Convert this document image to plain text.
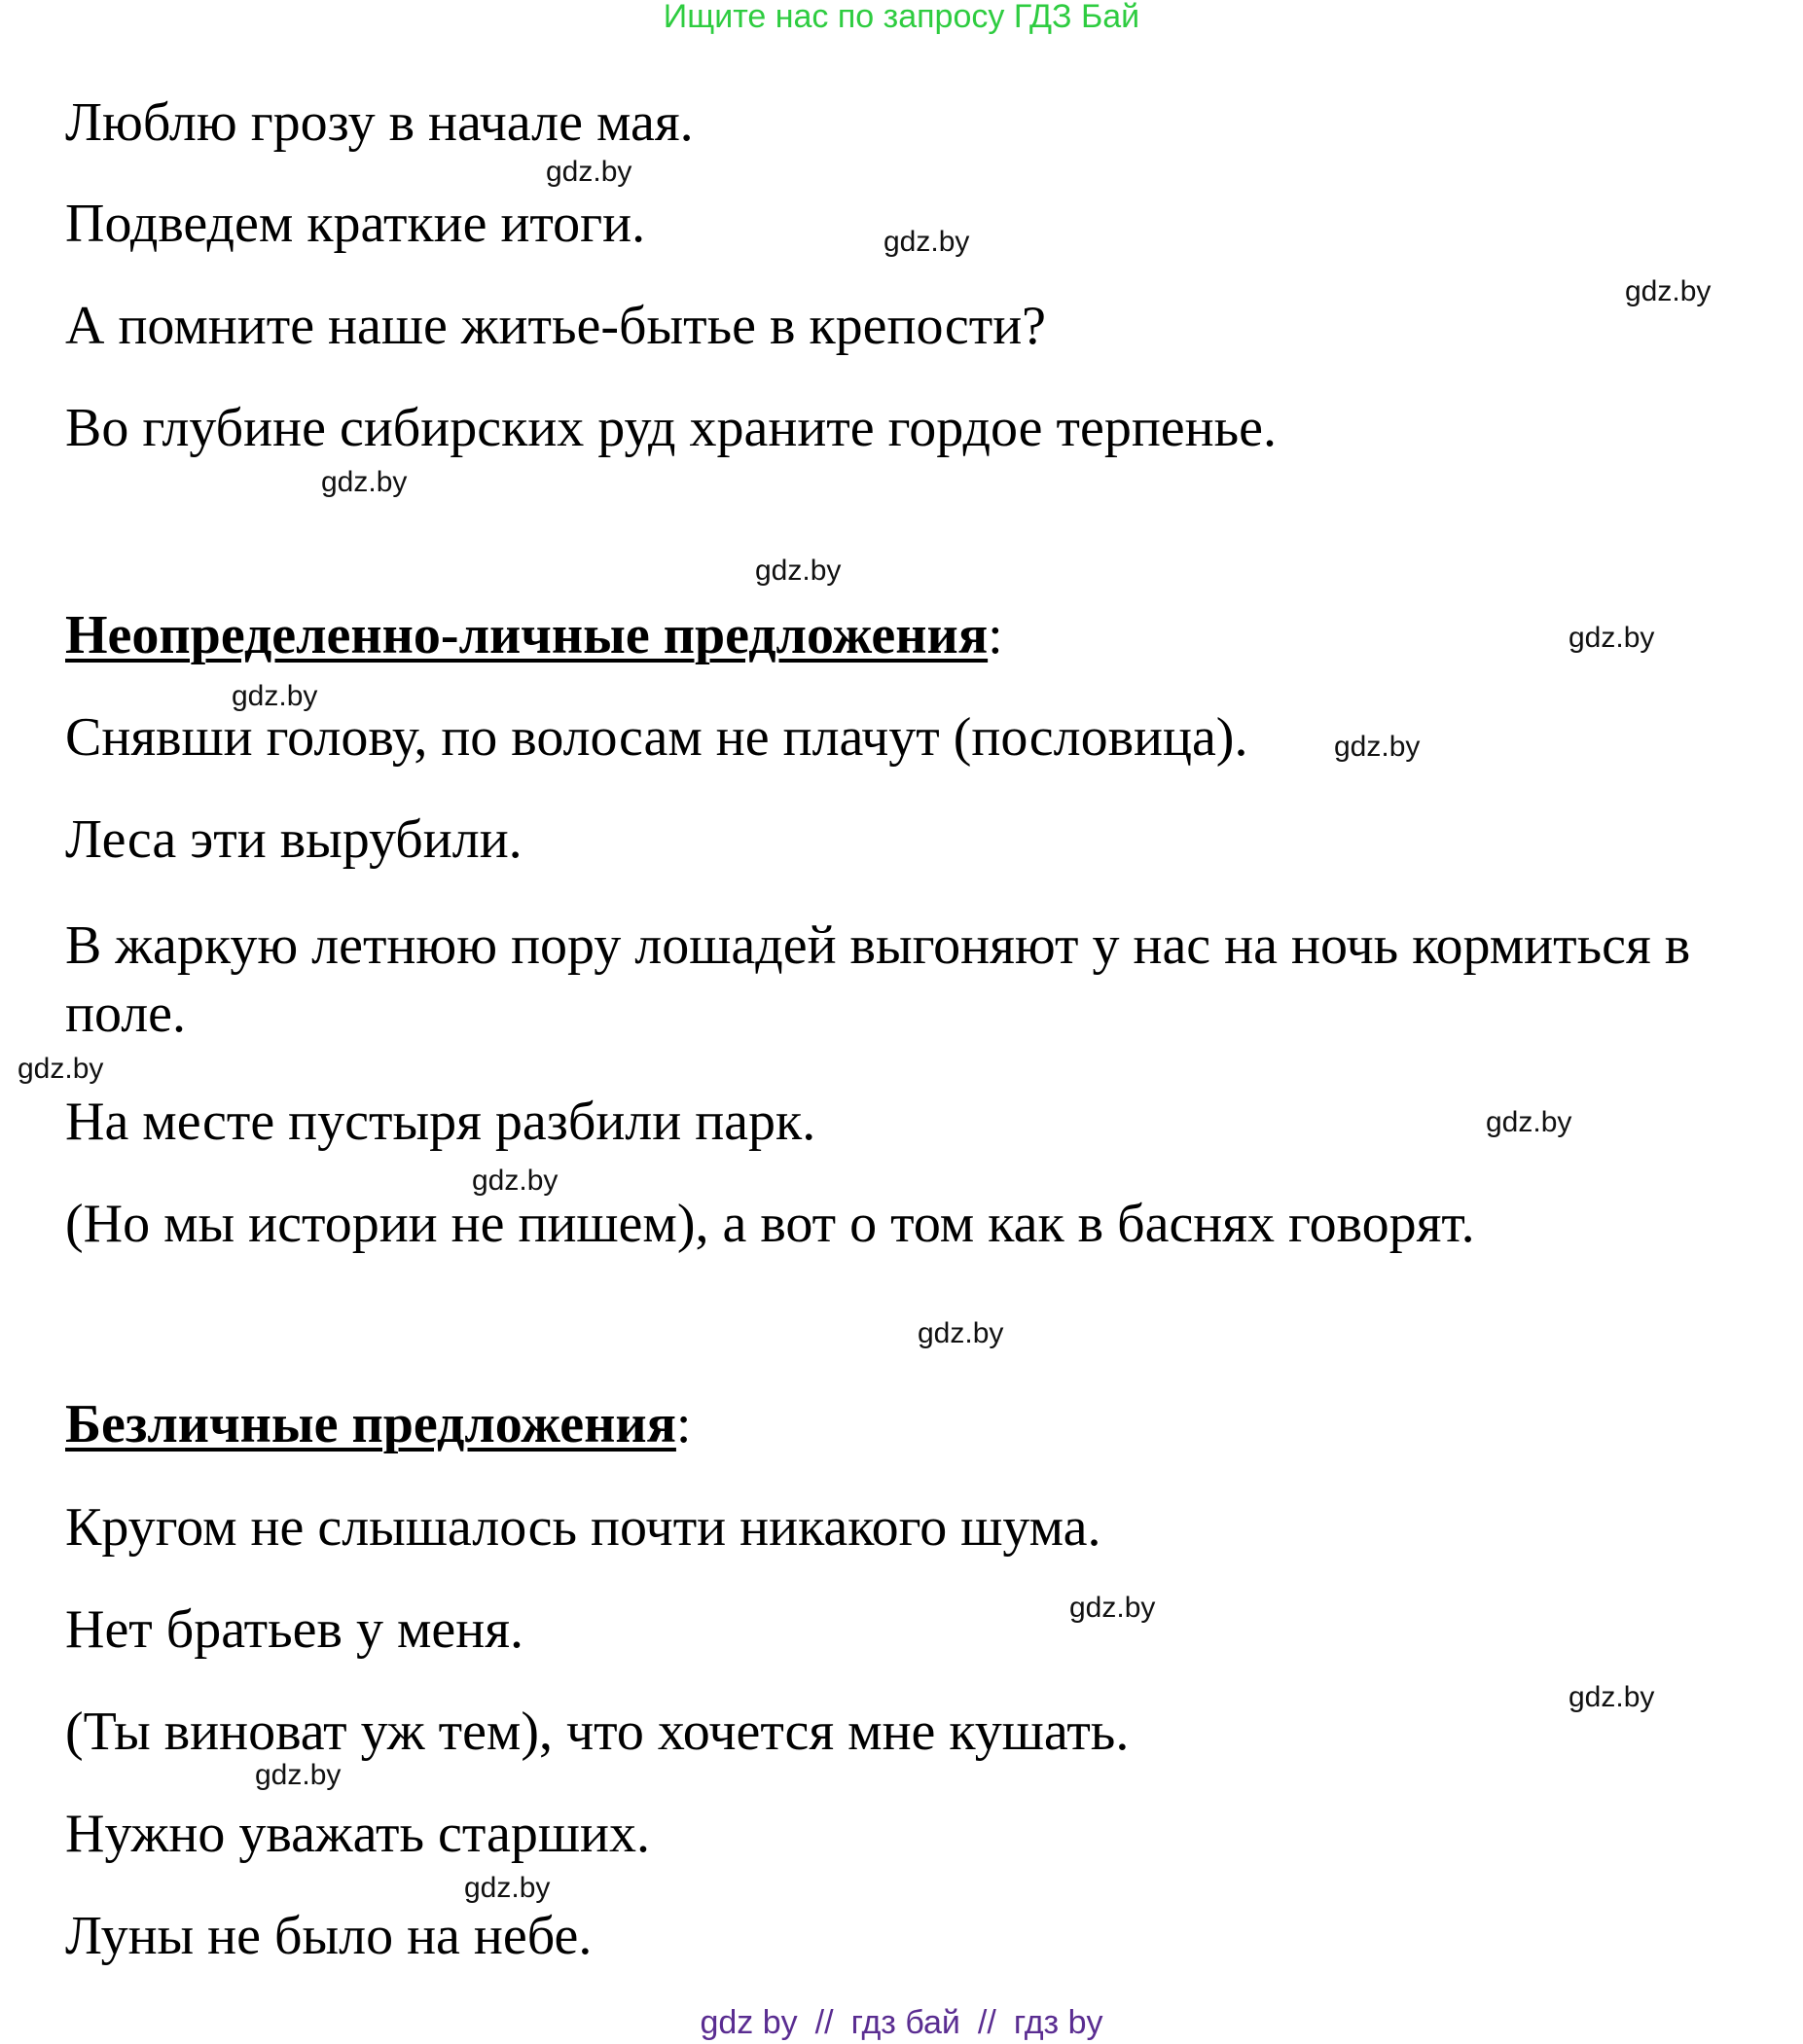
Ищите нас по запросу ГДЗ Бай
Люблю грозу в начале мая.
Подведем краткие итоги.
А помните наше житье-бытье в крепости?
Во глубине сибирских руд храните гордое терпенье.
Неопределенно-личные предложения:
Снявши голову, по волосам не плачут (пословица).
Леса эти вырубили.
В жаркую летнюю пору лошадей выгоняют у нас на ночь кормиться в поле.
На месте пустыря разбили парк.
(Но мы истории не пишем), а вот о том как в баснях говорят.
Безличные предложения:
Кругом не слышалось почти никакого шума.
Нет братьев у меня.
(Ты виноват уж тем), что хочется мне кушать.
Нужно уважать старших.
Луны не было на небе.
gdz.by
gdz.by
gdz.by
gdz.by
gdz.by
gdz.by
gdz.by
gdz.by
gdz.by
gdz.by
gdz.by
gdz.by
gdz.by
gdz.by
gdz.by
gdz.by
gdz by // гдз бай // гдз by
